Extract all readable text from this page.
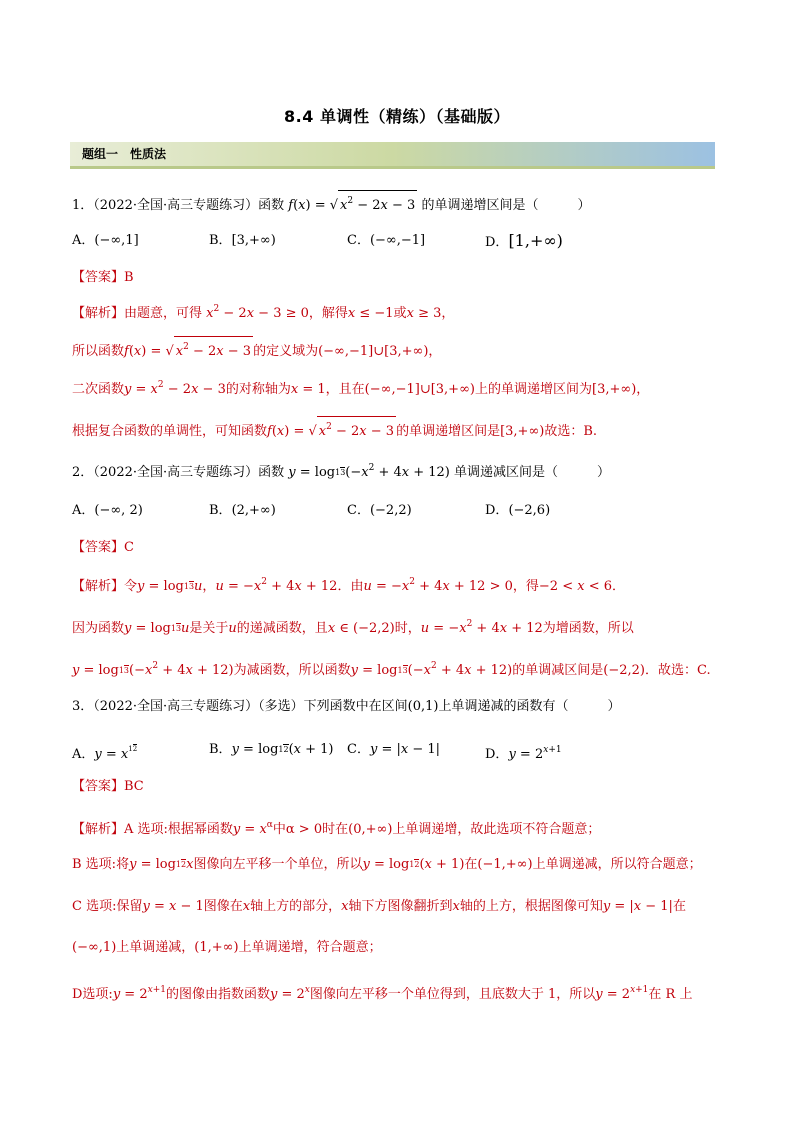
8.4 单调性（精练）（基础版）
题组一　性质法
1．（2022·全国·高三专题练习）函数 f(x) = √ $x^2 - 2x - 3$ 的单调递增区间是（　　　）
A．(−∞,1]	B．[3,+∞)	C．(−∞,−1]	D．[1,+∞)
【答案】B
【解析】由题意，可得 $x^2 - 2x - 3 \ge 0$，解得x ≤ −1或x ≥ 3，
所以函数f(x) = √ $x^2 - 2x - 3$ 的定义域为(−∞,−1]∪[3,+∞)，
二次函数$y = x^2 - 2x - 3$的对称轴为x = 1，且在(−∞,−1]∪[3,+∞)上的单调递增区间为[3,+∞)，
根据复合函数的单调性，可知函数f(x) = √ $x^2 - 2x - 3$ 的单调递增区间是[3,+∞)故选：B.
2．（2022·全国·高三专题练习）函数 $y = \log 13(-x^2 + 4x + 12)$ 单调递减区间是（　　　）
A．(−∞, 2)	B．(2,+∞)	C．(−2,2)	D．(−2,6)
【答案】C
【解析】令y = log13u，$u = -x^2 + 4x + 12$．由$u = -x^2 + 4x + 12 > 0$，得−2 < x < 6．
因为函数y = log13u是关于u的递减函数，且x ∈ (−2,2)时，$u = -x^2 + 4x + 12$为增函数，所以
$y = \log 13(-x^2 + 4x + 12)$为减函数，所以函数$y = \log 13(-x^2 + 4x + 12)$的单调减区间是(−2,2)．故选：C.
3．（2022·全国·高三专题练习）（多选）下列函数中在区间(0,1)上单调递减的函数有（　　　）
A．$y = x^{12}$	B．y = log12(x + 1) C．y = |x − 1|	D．$y = 2^{x+1}$
【答案】BC
【解析】A 选项:根据幂函数$y = x^\alpha$中α > 0时在(0,+∞)上单调递增，故此选项不符合题意；
B 选项:将y = log12x图像向左平移一个单位，所以y = log12(x + 1)在(−1,+∞)上单调递减，所以符合题意；
C 选项:保留y = x − 1图像在x轴上方的部分，x轴下方图像翻折到x轴的上方，根据图像可知y = |x − 1|在
(−∞,1)上单调递减，(1,+∞)上单调递增，符合题意；
D选项:y = $2^{x+1}$的图像由指数函数$y = 2^x$图像向左平移一个单位得到，且底数大于 1，所以$y = 2^{x+1}$在 R 上
